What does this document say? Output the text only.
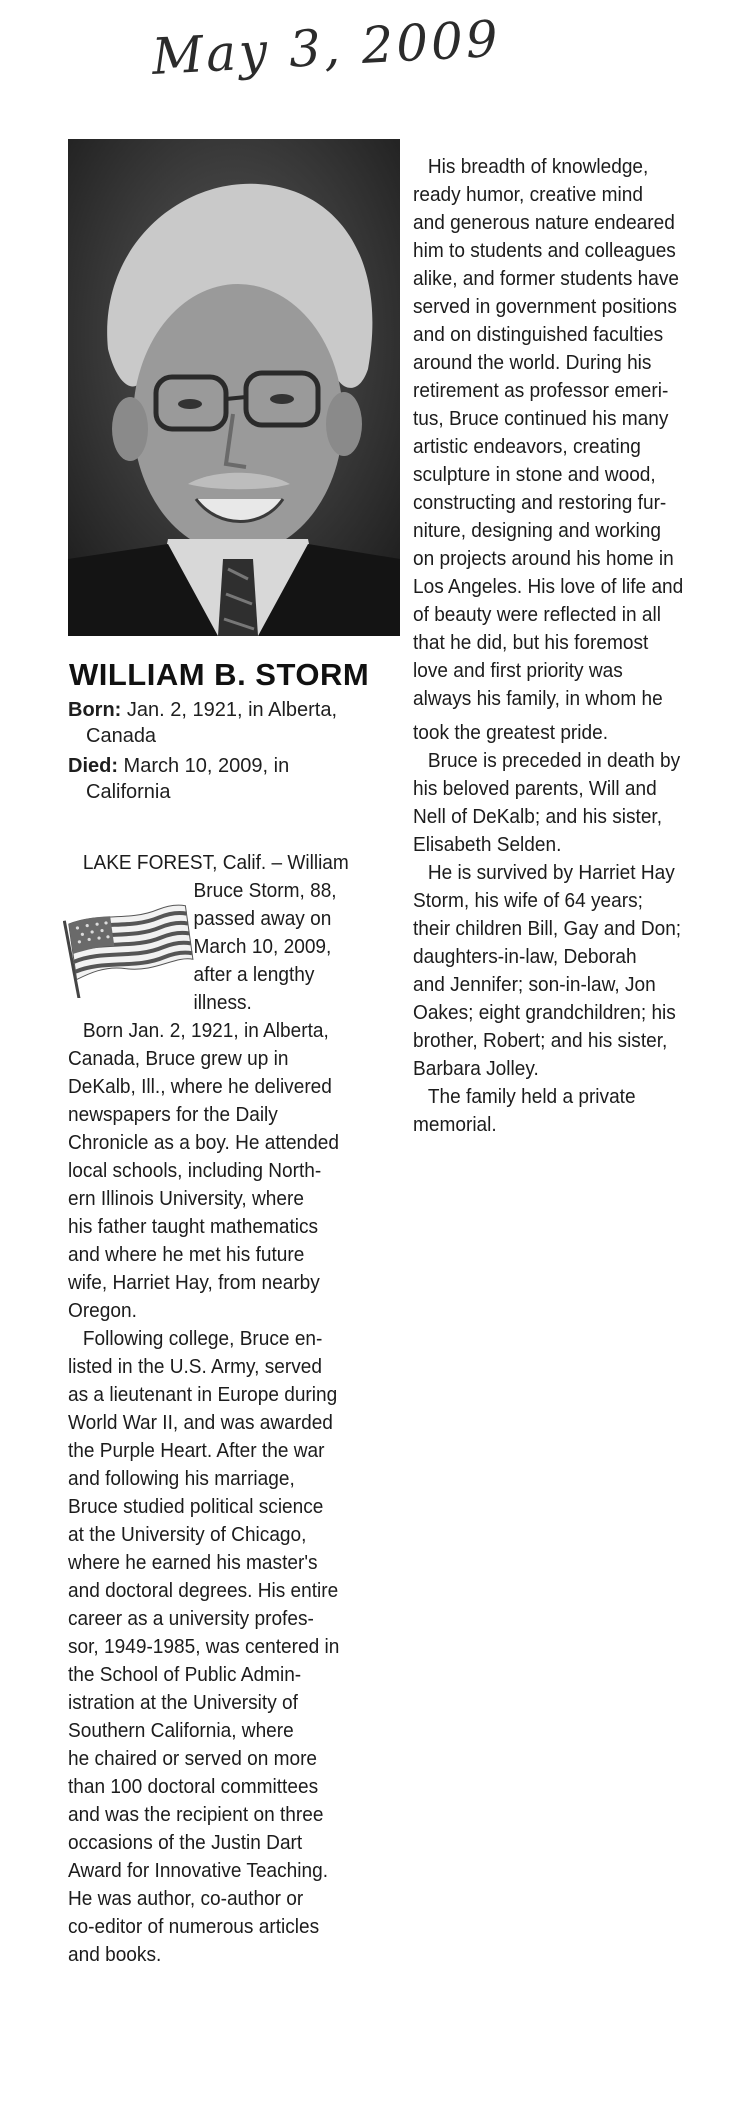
May 3, 2009
WILLIAM B. STORM
Born: Jan. 2, 1921, in Alberta,
Canada
Died: March 10, 2009, in
California
LAKE FOREST, Calif. – William
Bruce Storm, 88,
passed away on
March 10, 2009,
after a lengthy
illness.
Born Jan. 2, 1921, in Alberta,
Canada, Bruce grew up in
DeKalb, Ill., where he delivered
newspapers for the Daily
Chronicle as a boy. He attended
local schools, including North-
ern Illinois University, where
his father taught mathematics
and where he met his future
wife, Harriet Hay, from nearby
Oregon.
Following college, Bruce en-
listed in the U.S. Army, served
as a lieutenant in Europe during
World War II, and was awarded
the Purple Heart. After the war
and following his marriage,
Bruce studied political science
at the University of Chicago,
where he earned his master's
and doctoral degrees. His entire
career as a university profes-
sor, 1949-1985, was centered in
the School of Public Admin-
istration at the University of
Southern California, where
he chaired or served on more
than 100 doctoral committees
and was the recipient on three
occasions of the Justin Dart
Award for Innovative Teaching.
He was author, co-author or
co-editor of numerous articles
and books.
His breadth of knowledge,
ready humor, creative mind
and generous nature endeared
him to students and colleagues
alike, and former students have
served in government positions
and on distinguished faculties
around the world. During his
retirement as professor emeri-
tus, Bruce continued his many
artistic endeavors, creating
sculpture in stone and wood,
constructing and restoring fur-
niture, designing and working
on projects around his home in
Los Angeles. His love of life and
of beauty were reflected in all
that he did, but his foremost
love and first priority was
always his family, in whom he
took the greatest pride.
Bruce is preceded in death by
his beloved parents, Will and
Nell of DeKalb; and his sister,
Elisabeth Selden.
He is survived by Harriet Hay
Storm, his wife of 64 years;
their children Bill, Gay and Don;
daughters-in-law, Deborah
and Jennifer; son-in-law, Jon
Oakes; eight grandchildren; his
brother, Robert; and his sister,
Barbara Jolley.
The family held a private
memorial.
